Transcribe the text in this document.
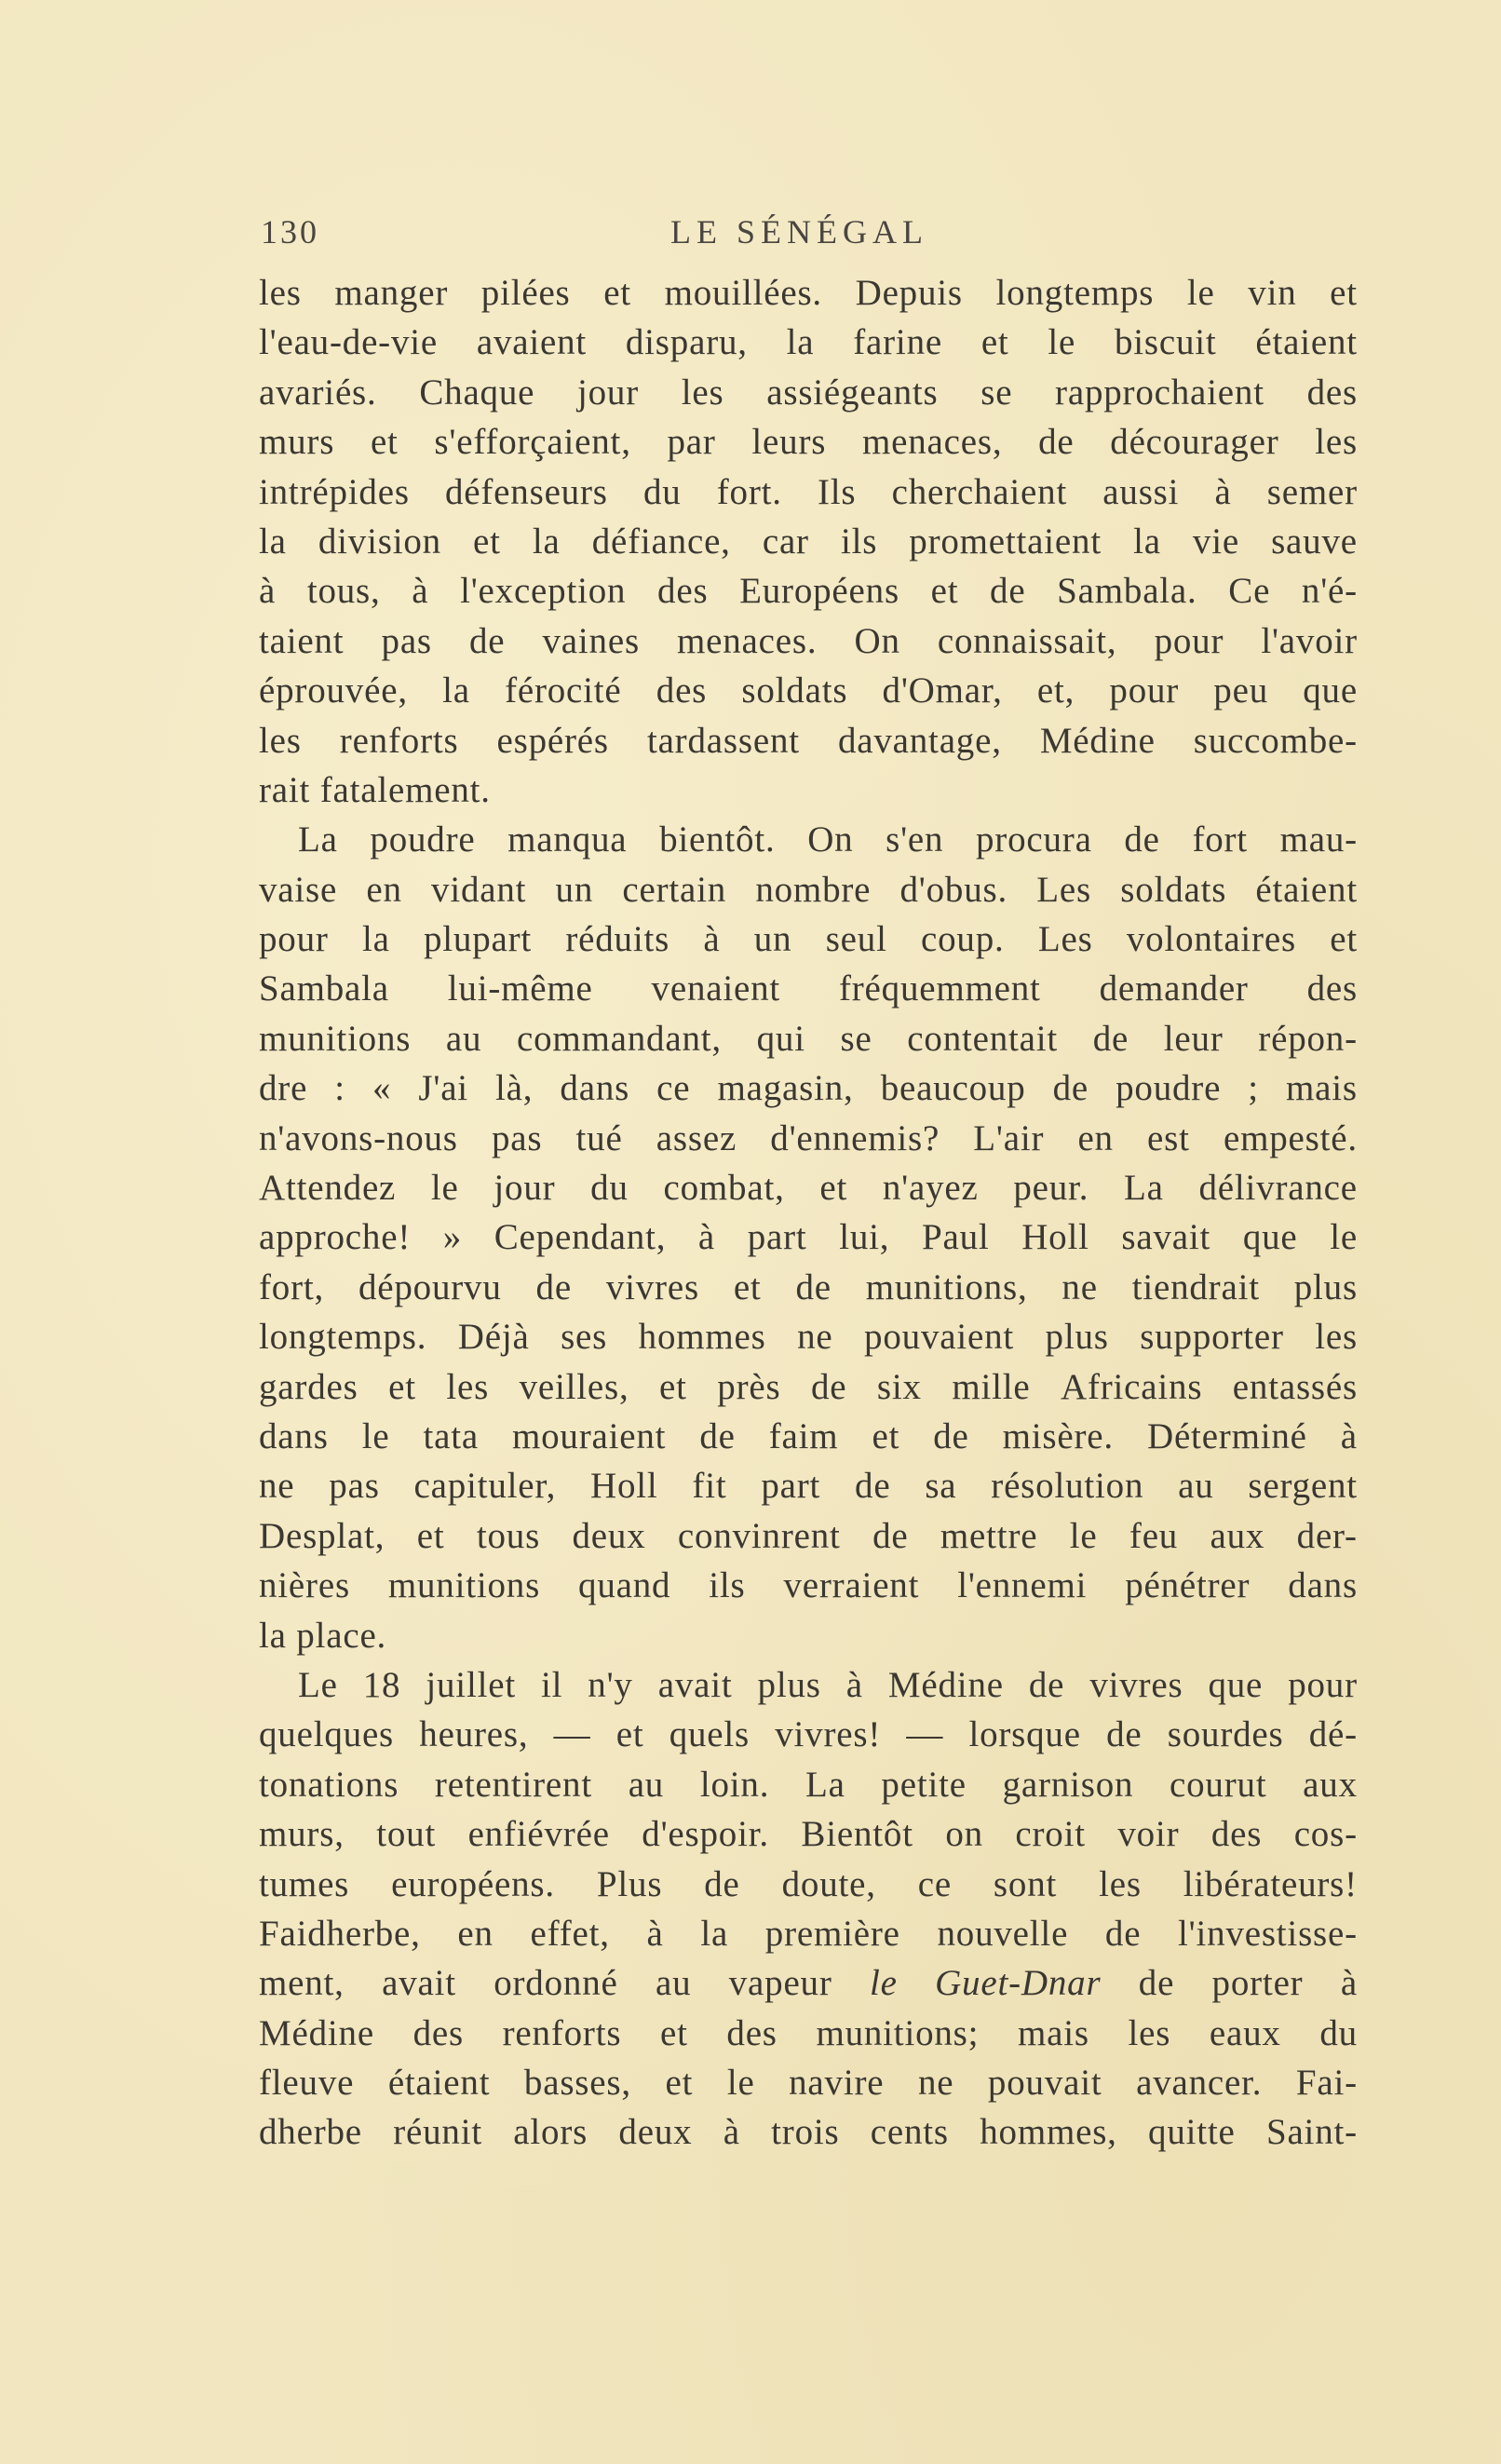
130	LE SÉNÉGAL
les manger pilées et mouillées. Depuis longtemps le vin et
l'eau-de-vie avaient disparu, la farine et le biscuit étaient
avariés. Chaque jour les assiégeants se rapprochaient des
murs et s'efforçaient, par leurs menaces, de décourager les
intrépides défenseurs du fort. Ils cherchaient aussi à semer
la division et la défiance, car ils promettaient la vie sauve
à tous, à l'exception des Européens et de Sambala. Ce n'é-
taient pas de vaines menaces. On connaissait, pour l'avoir
éprouvée, la férocité des soldats d'Omar, et, pour peu que
les renforts espérés tardassent davantage, Médine succombe-
rait fatalement.
La poudre manqua bientôt. On s'en procura de fort mau-
vaise en vidant un certain nombre d'obus. Les soldats étaient
pour la plupart réduits à un seul coup. Les volontaires et
Sambala lui-même venaient fréquemment demander des
munitions au commandant, qui se contentait de leur répon-
dre : « J'ai là, dans ce magasin, beaucoup de poudre ; mais
n'avons-nous pas tué assez d'ennemis? L'air en est empesté.
Attendez le jour du combat, et n'ayez peur. La délivrance
approche! » Cependant, à part lui, Paul Holl savait que le
fort, dépourvu de vivres et de munitions, ne tiendrait plus
longtemps. Déjà ses hommes ne pouvaient plus supporter les
gardes et les veilles, et près de six mille Africains entassés
dans le tata mouraient de faim et de misère. Déterminé à
ne pas capituler, Holl fit part de sa résolution au sergent
Desplat, et tous deux convinrent de mettre le feu aux der-
nières munitions quand ils verraient l'ennemi pénétrer dans
la place.
Le 18 juillet il n'y avait plus à Médine de vivres que pour
quelques heures, — et quels vivres! — lorsque de sourdes dé-
tonations retentirent au loin. La petite garnison courut aux
murs, tout enfiévrée d'espoir. Bientôt on croit voir des cos-
tumes européens. Plus de doute, ce sont les libérateurs!
Faidherbe, en effet, à la première nouvelle de l'investisse-
ment, avait ordonné au vapeur le Guet-Dnar de porter à
Médine des renforts et des munitions; mais les eaux du
fleuve étaient basses, et le navire ne pouvait avancer. Fai-
dherbe réunit alors deux à trois cents hommes, quitte Saint-
